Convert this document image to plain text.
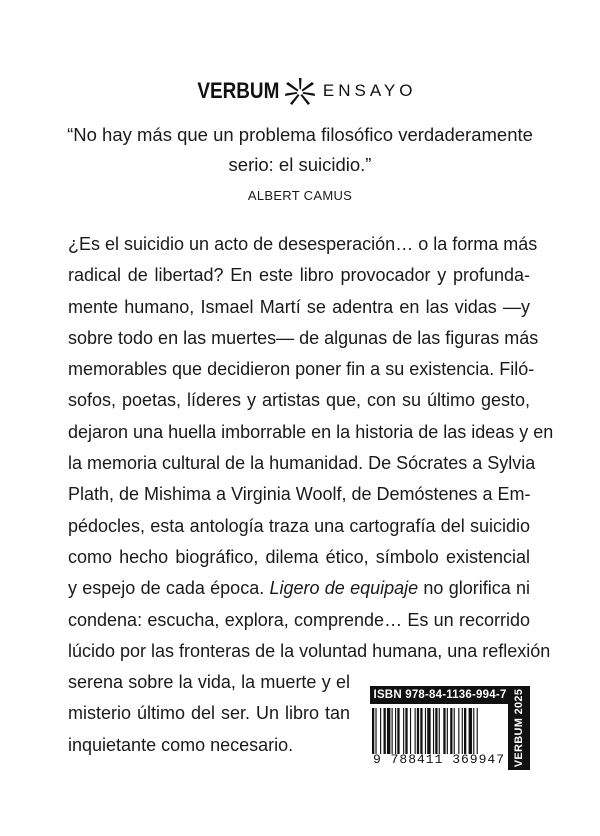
VERBUM	ENSAYO
“No hay más que un problema filosófico verdaderamente
serio: el suicidio.”
ALBERT CAMUS
¿Es el suicidio un acto de desesperación… o la forma más
radical de libertad? En este libro provocador y profunda-
mente humano, Ismael Martí se adentra en las vidas —y
sobre todo en las muertes— de algunas de las figuras más
memorables que decidieron poner fin a su existencia. Filó-
sofos, poetas, líderes y artistas que, con su último gesto,
dejaron una huella imborrable en la historia de las ideas y en
la memoria cultural de la humanidad. De Sócrates a Sylvia
Plath, de Mishima a Virginia Woolf, de Demóstenes a Em-
pédocles, esta antología traza una cartografía del suicidio
como hecho biográfico, dilema ético, símbolo existencial
y espejo de cada época. Ligero de equipaje no glorifica ni
condena: escucha, explora, comprende… Es un recorrido
lúcido por las fronteras de la voluntad humana, una reflexión
serena sobre la vida, la muerte y el
misterio último del ser. Un libro tan
inquietante como necesario.
ISBN 978-84-1136-994-7
9 788411 369947 VERBUM 2025
